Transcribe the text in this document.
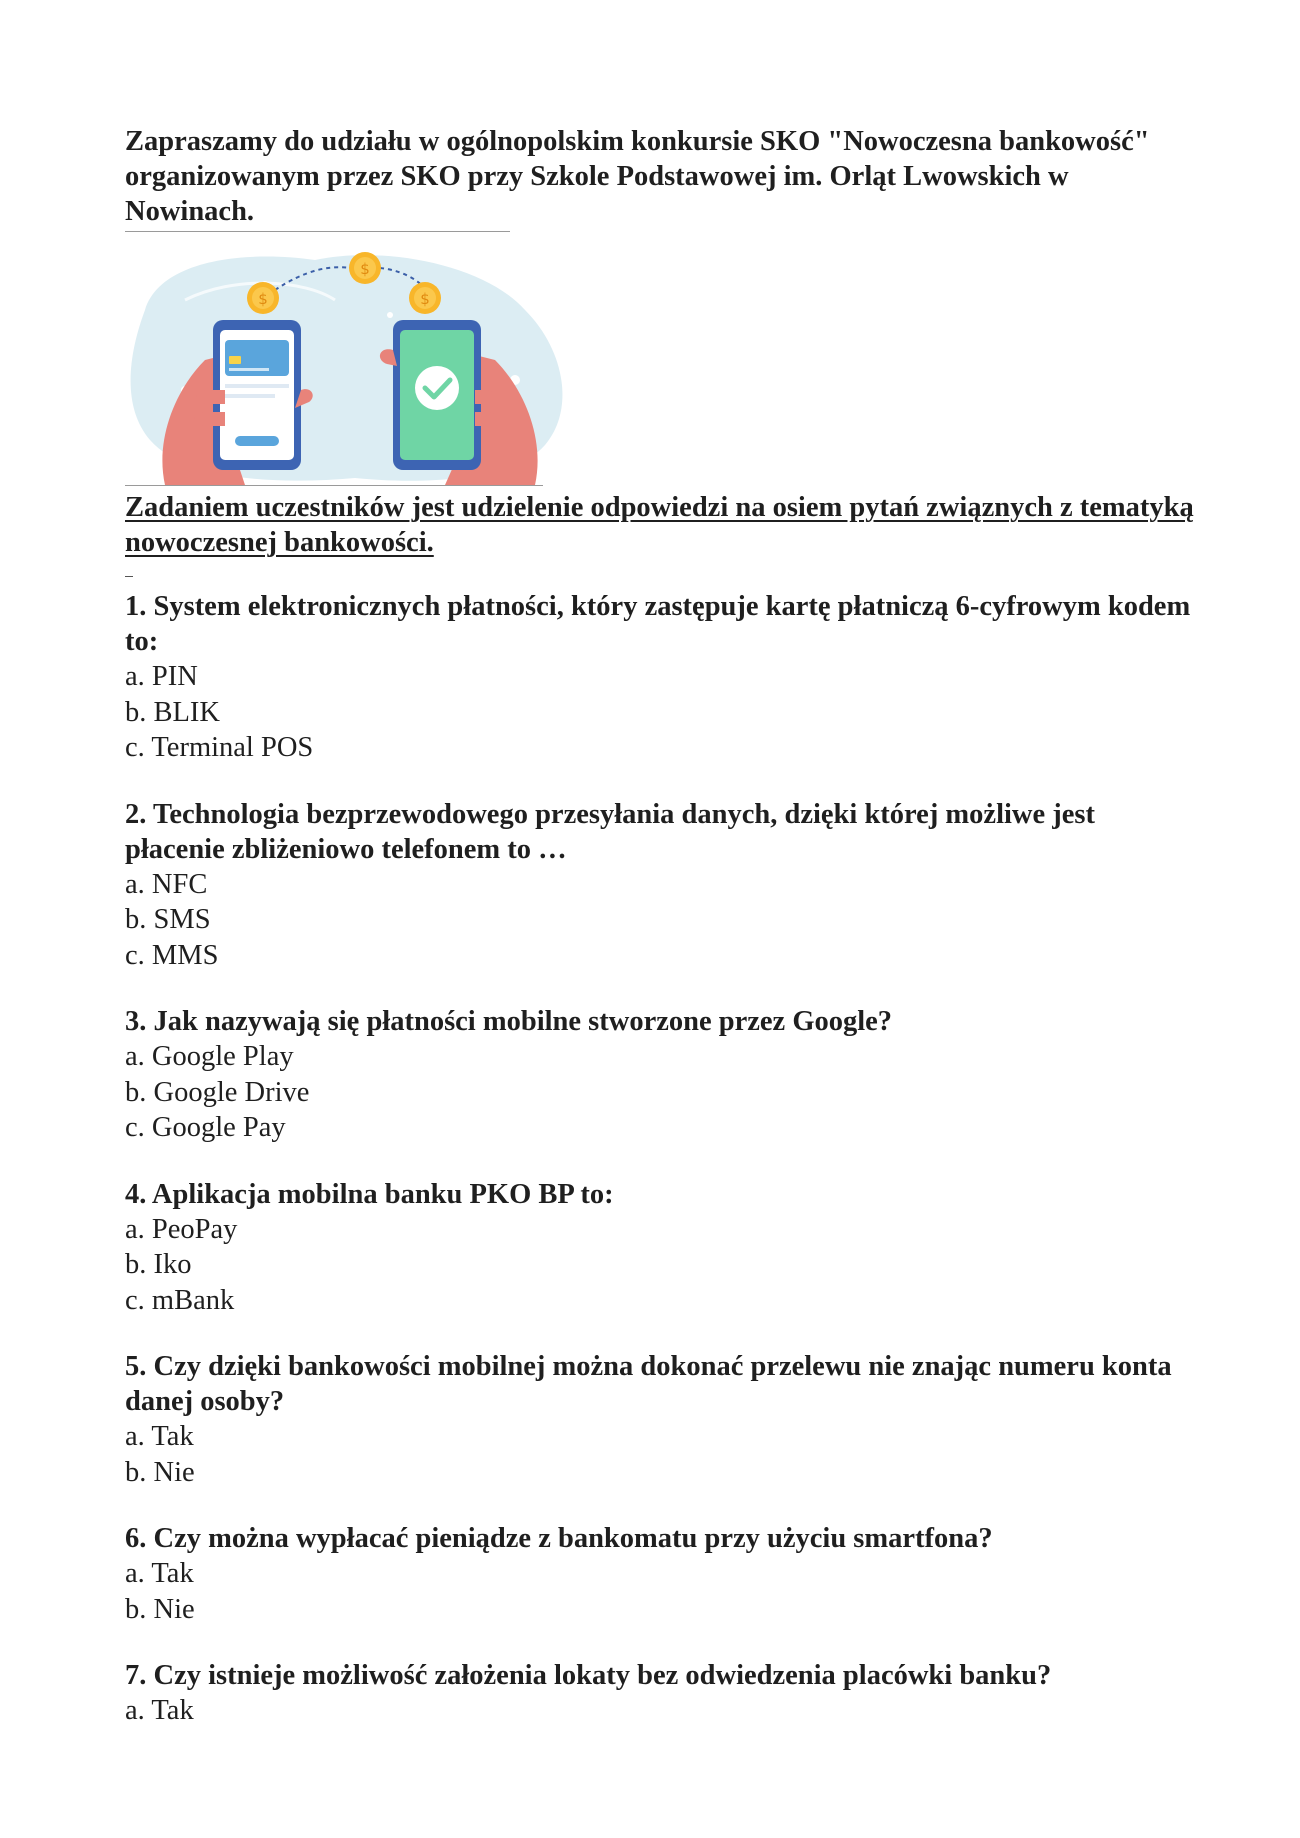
Zapraszamy do udziału w ogólnopolskim konkursie SKO "Nowoczesna bankowość" organizowanym przez SKO przy Szkole Podstawowej im. Orląt Lwowskich w Nowinach.

$
$
$

Zadaniem uczestników jest udzielenie odpowiedzi na osiem pytań związnych z tematyką nowoczesnej bankowości.

1. System elektronicznych płatności, który zastępuje kartę płatniczą 6-cyfrowym kodem to:

a. PIN

b. BLIK

c. Terminal POS

2. Technologia bezprzewodowego przesyłania danych, dzięki której możliwe jest płacenie zbliżeniowo telefonem to …

a. NFC

b. SMS

c. MMS

3. Jak nazywają się płatności mobilne stworzone przez Google?

a. Google Play

b. Google Drive

c. Google Pay

4. Aplikacja mobilna banku PKO BP to:

a. PeoPay

b. Iko

c. mBank

5. Czy dzięki bankowości mobilnej można dokonać przelewu nie znając numeru konta danej osoby?

a. Tak

b. Nie

6. Czy można wypłacać pieniądze z bankomatu przy użyciu smartfona?

a. Tak

b. Nie

7. Czy istnieje możliwość założenia lokaty bez odwiedzenia placówki banku?

a. Tak
